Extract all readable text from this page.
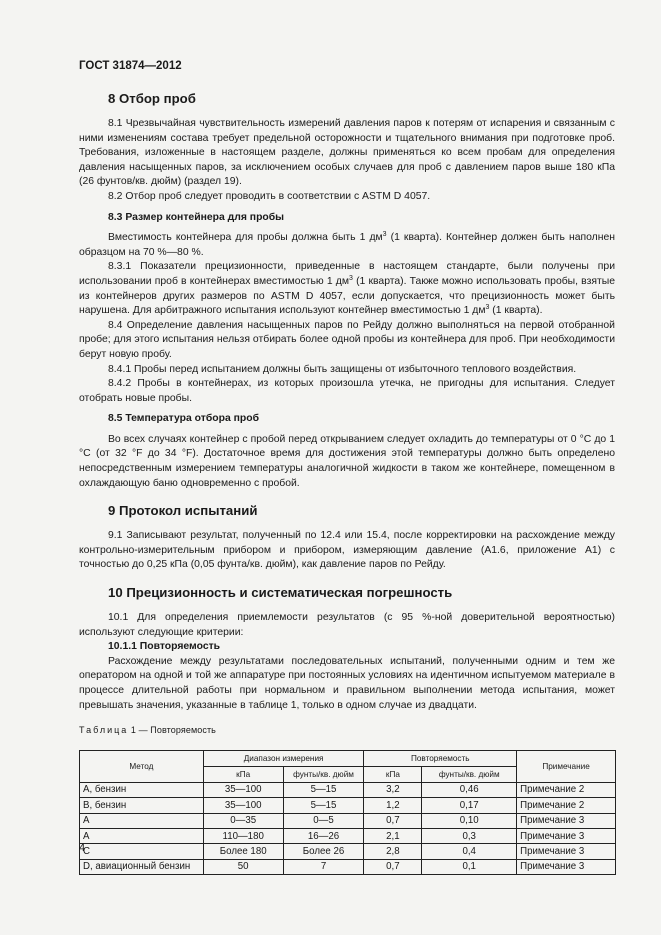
ГОСТ 31874—2012

8 Отбор проб

8.1 Чрезвычайная чувствительность измерений давления паров к потерям от испарения и связанным с ними изменениям состава требует предельной осторожности и тщательного внимания при подготовке проб. Требования, изложенные в настоящем разделе, должны применяться ко всем пробам для определения давления насыщенных паров, за исключением особых случаев для проб с давлением паров выше 180 кПа (26 фунтов/кв. дюйм) (раздел 19).

8.2 Отбор проб следует проводить в соответствии с ASTM D 4057.

8.3 Размер контейнера для пробы

Вместимость контейнера для пробы должна быть 1 $дм^3$ (1 кварта). Контейнер должен быть наполнен образцом на 70 %—80 %.

8.3.1 Показатели прецизионности, приведенные в настоящем стандарте, были получены при использовании проб в контейнерах вместимостью 1 $дм^3$ (1 кварта). Также можно использовать пробы, взятые из контейнеров других размеров по ASTM D 4057, если допускается, что прецизионность может быть нарушена. Для арбитражного испытания используют контейнер вместимостью 1 $дм^3$ (1 кварта).

8.4 Определение давления насыщенных паров по Рейду должно выполняться на первой отобранной пробе; для этого испытания нельзя отбирать более одной пробы из контейнера для проб. При необходимости берут новую пробу.

8.4.1 Пробы перед испытанием должны быть защищены от избыточного теплового воздействия.

8.4.2 Пробы в контейнерах, из которых произошла утечка, не пригодны для испытания. Следует отобрать новые пробы.

8.5 Температура отбора проб

Во всех случаях контейнер с пробой перед открыванием следует охладить до температуры от 0 °С до 1 °С (от 32 °F до 34 °F). Достаточное время для достижения этой температуры должно быть определено непосредственным измерением температуры аналогичной жидкости в таком же контейнере, помещенном в охлаждающую баню одновременно с пробой.

9 Протокол испытаний

9.1 Записывают результат, полученный по 12.4 или 15.4, после корректировки на расхождение между контрольно-измерительным прибором и прибором, измеряющим давление (А1.6, приложение А1) с точностью до 0,25 кПа (0,05 фунта/кв. дюйм), как давление паров по Рейду.

10 Прецизионность и систематическая погрешность

10.1 Для определения приемлемости результатов (с 95 %-ной доверительной вероятностью) используют следующие критерии:

10.1.1 Повторяемость

Расхождение между результатами последовательных испытаний, полученными одним и тем же оператором на одной и той же аппаратуре при постоянных условиях на идентичном испытуемом материале в процессе длительной работы при нормальном и правильном выполнении метода испытания, может превышать значения, указанные в таблице 1, только в одном случае из двадцати.

Таблица 1 — Повторяемость

Метод	Диапазон измерения		Повторяемость		Примечание
	кПа	фунты/кв. дюйм	кПа	фунты/кв. дюйм	
А, бензин	35—100	5—15	3,2	0,46	Примечание 2
В, бензин	35—100	5—15	1,2	0,17	Примечание 2
А	0—35	0—5	0,7	0,10	Примечание 3
А	110—180	16—26	2,1	0,3	Примечание 3
С	Более 180	Более 26	2,8	0,4	Примечание 3
D, авиационный бензин	50	7	0,7	0,1	Примечание 3
4
